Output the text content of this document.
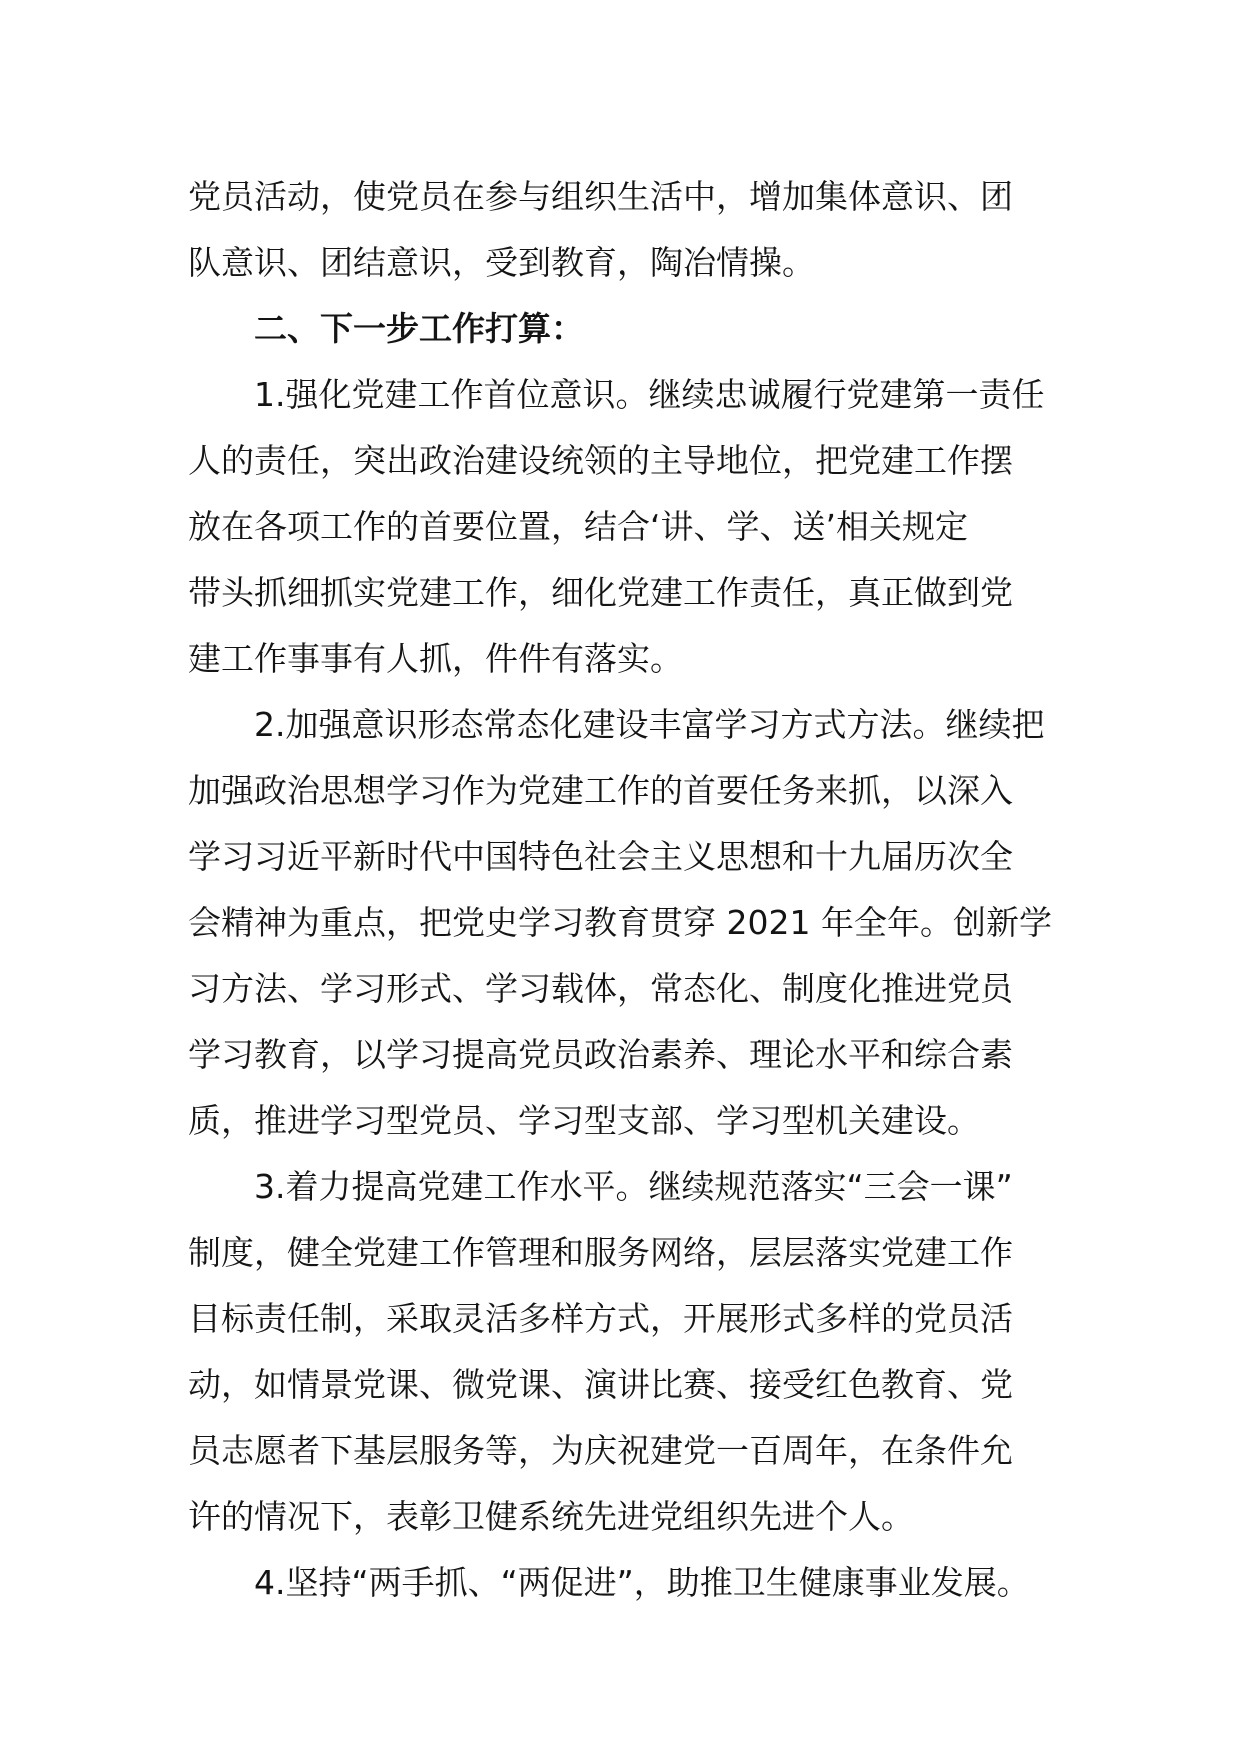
党员活动，使党员在参与组织生活中，增加集体意识、团
队意识、团结意识，受到教育，陶冶情操。
二、下一步工作打算：
1.强化党建工作首位意识。继续忠诚履行党建第一责任
人的责任，突出政治建设统领的主导地位，把党建工作摆
放在各项工作的首要位置，结合‘讲、学、送’相关规定
带头抓细抓实党建工作，细化党建工作责任，真正做到党
建工作事事有人抓，件件有落实。
2.加强意识形态常态化建设丰富学习方式方法。继续把
加强政治思想学习作为党建工作的首要任务来抓，以深入
学习习近平新时代中国特色社会主义思想和十九届历次全
会精神为重点，把党史学习教育贯穿 2021 年全年。创新学
习方法、学习形式、学习载体，常态化、制度化推进党员
学习教育，以学习提高党员政治素养、理论水平和综合素
质，推进学习型党员、学习型支部、学习型机关建设。
3.着力提高党建工作水平。继续规范落实“三会一课”
制度，健全党建工作管理和服务网络，层层落实党建工作
目标责任制，采取灵活多样方式，开展形式多样的党员活
动，如情景党课、微党课、演讲比赛、接受红色教育、党
员志愿者下基层服务等，为庆祝建党一百周年，在条件允
许的情况下，表彰卫健系统先进党组织先进个人。
4.坚持“两手抓、“两促进”，助推卫生健康事业发展。
